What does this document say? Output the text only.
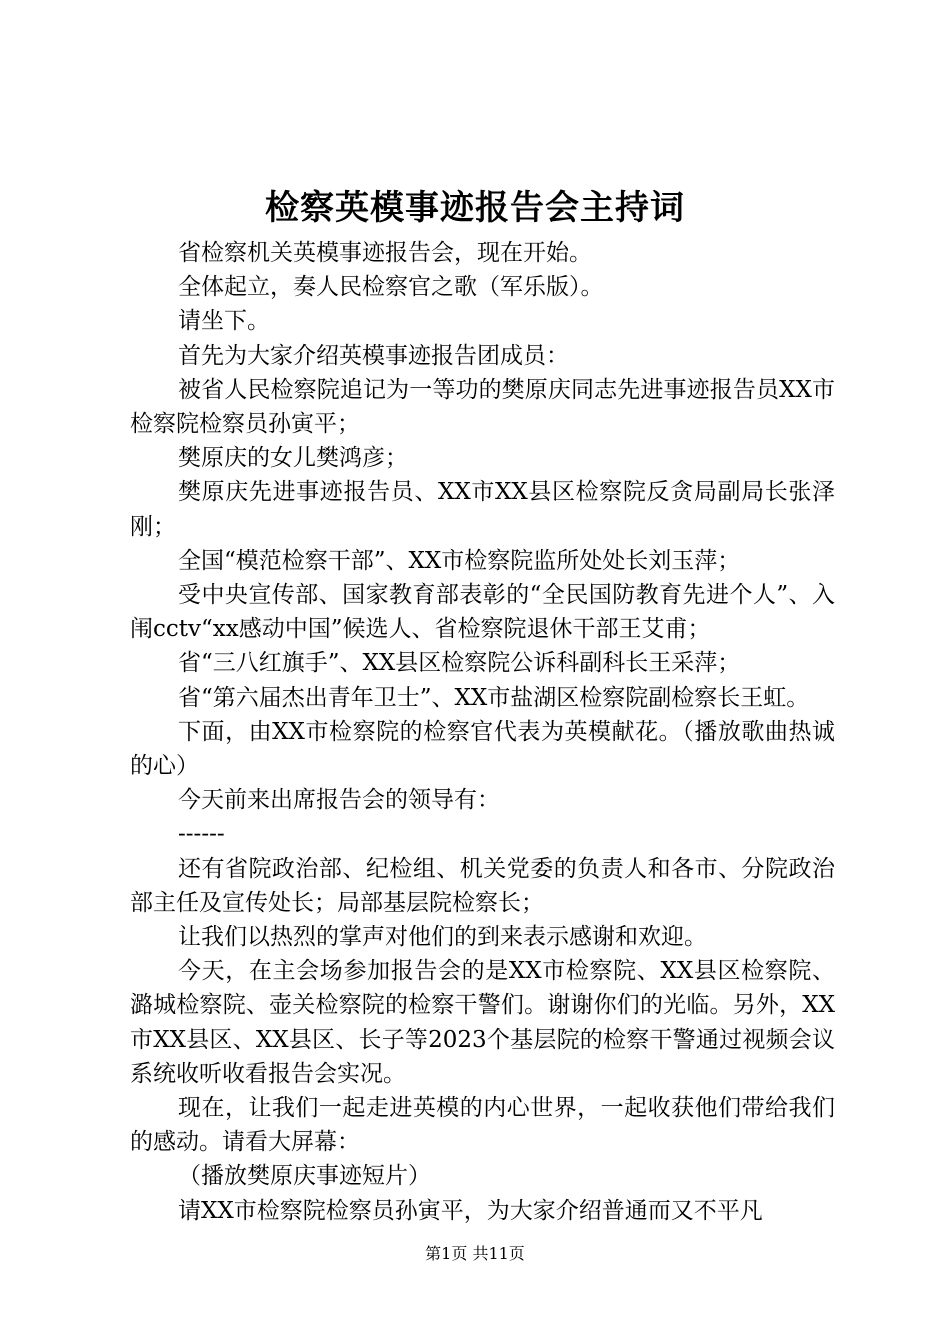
检察英模事迹报告会主持词

省检察机关英模事迹报告会，现在开始。

全体起立，奏人民检察官之歌（军乐版）。

请坐下。

首先为大家介绍英模事迹报告团成员：

被省人民检察院追记为一等功的樊原庆同志先进事迹报告员XX市检察院检察员孙寅平；

樊原庆的女儿樊鸿彦；

樊原庆先进事迹报告员、XX市XX县区检察院反贪局副局长张泽刚；

全国“模范检察干部”、XX市检察院监所处处长刘玉萍；

受中央宣传部、国家教育部表彰的“全民国防教育先进个人”、入闱cctv“xx感动中国”候选人、省检察院退休干部王艾甫；

省“三八红旗手”、XX县区检察院公诉科副科长王采萍；

省“第六届杰出青年卫士”、XX市盐湖区检察院副检察长王虹。

下面，由XX市检察院的检察官代表为英模献花。（播放歌曲热诚的心）

今天前来出席报告会的领导有：

------

还有省院政治部、纪检组、机关党委的负责人和各市、分院政治部主任及宣传处长；局部基层院检察长；

让我们以热烈的掌声对他们的到来表示感谢和欢迎。

今天，在主会场参加报告会的是XX市检察院、XX县区检察院、潞城检察院、壶关检察院的检察干警们。谢谢你们的光临。另外，XX市XX县区、XX县区、长子等2023个基层院的检察干警通过视频会议系统收听收看报告会实况。

现在，让我们一起走进英模的内心世界，一起收获他们带给我们的感动。请看大屏幕：

（播放樊原庆事迹短片）

请XX市检察院检察员孙寅平，为大家介绍普通而又不平凡

第1页 共11页
